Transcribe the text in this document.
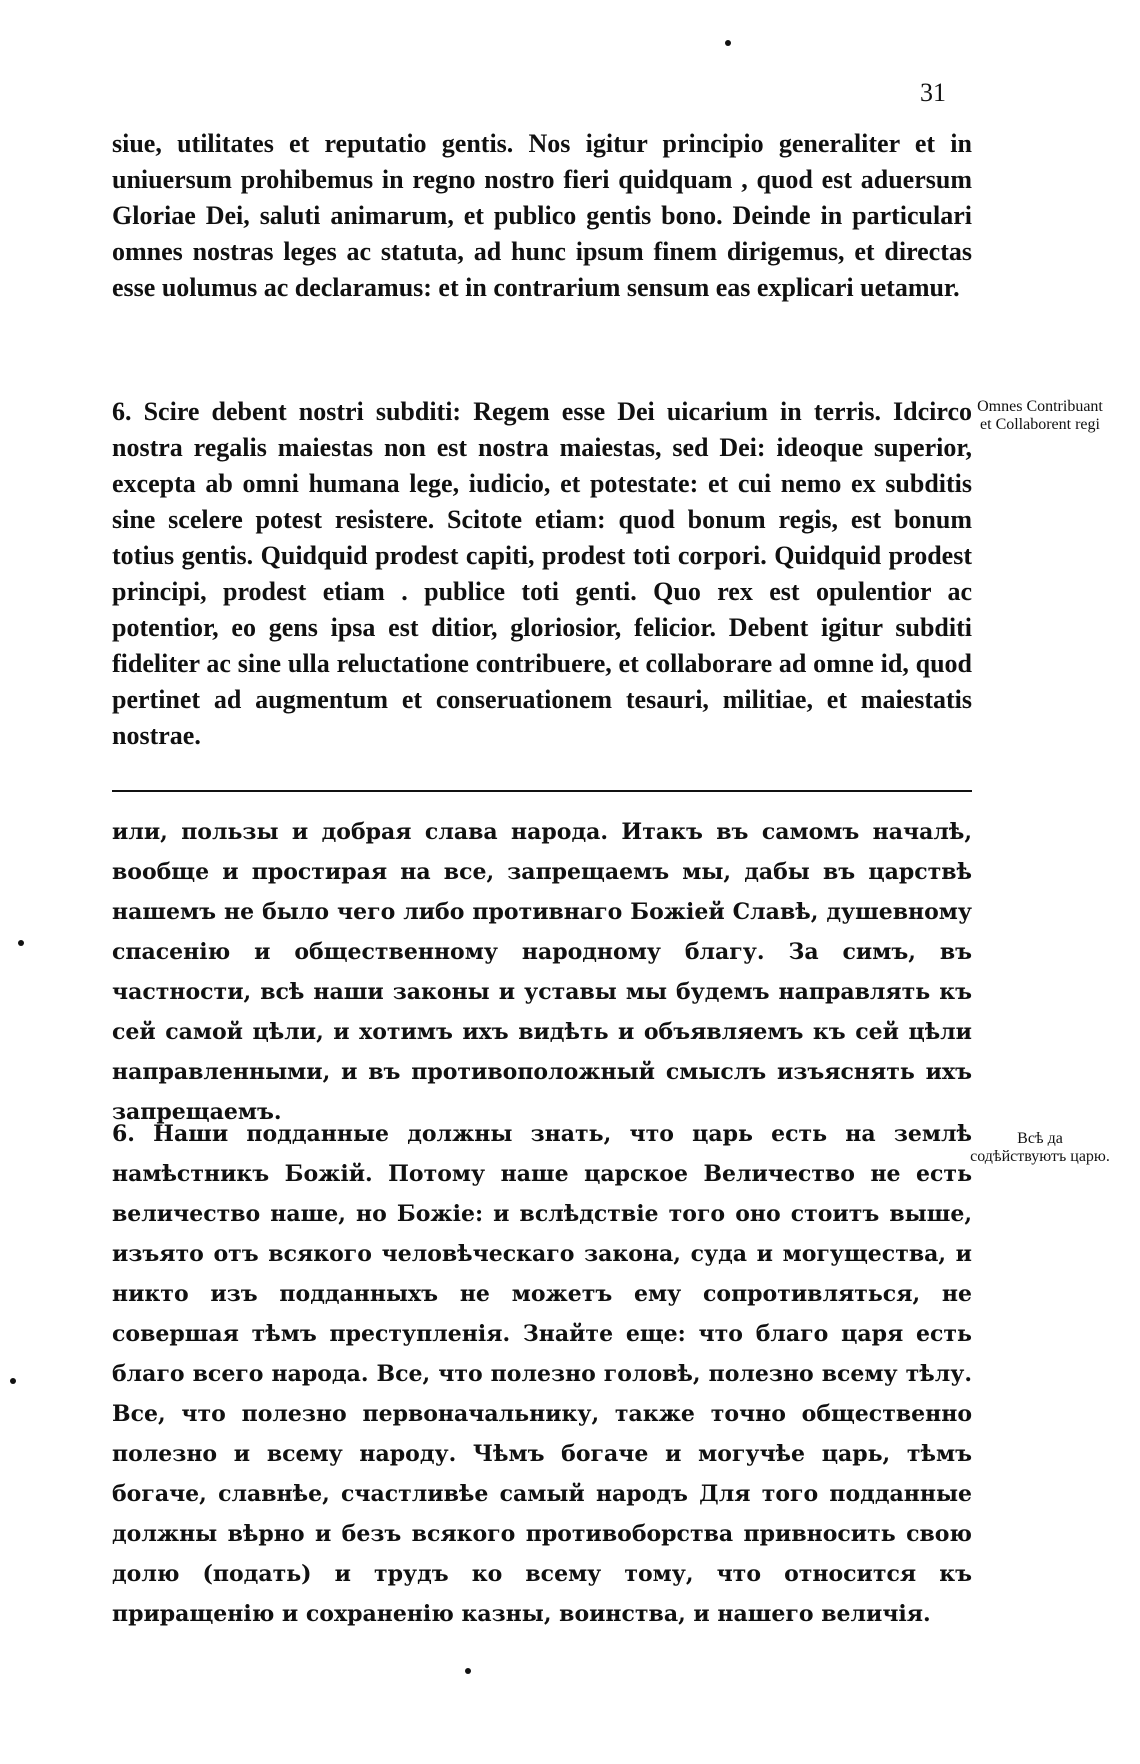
31
siue, utilitates et reputatio gentis. Nos igitur principio generaliter et in uniuersum prohibemus in regno nostro fieri quidquam , quod est aduersum Gloriae Dei, saluti animarum, et publico gentis bono. Deinde in particulari omnes nostras leges ac statuta, ad hunc ipsum finem dirigemus, et directas esse uolumus ac declaramus: et in contrarium sensum eas explicari uetamur.
6. Scire debent nostri subditi: Regem esse Dei uicarium in terris. Idcirco nostra regalis maiestas non est nostra maiestas, sed Dei: ideoque superior, excepta ab omni humana lege, iudicio, et potestate: et cui nemo ex subditis sine scelere potest resistere. Scitote etiam: quod bonum regis, est bonum totius gentis. Quidquid prodest capiti, prodest toti corpori. Quidquid prodest principi, prodest etiam . publice toti genti. Quo rex est opulentior ac potentior, eo gens ipsa est ditior, gloriosior, felicior. Debent igitur subditi fideliter ac sine ulla reluctatione contribuere, et collaborare ad omne id, quod pertinet ad augmentum et conseruationem tesauri, militiae, et maiestatis nostrae.
Omnes Contribuant et Collaborent regi
или, пользы и добрая слава народа. Итакъ въ самомъ началѣ, вообще и простирая на все, запрещаемъ мы, дабы въ царствѣ нашемъ не было чего либо противнаго Божіей Славѣ, душевному спасенію и общественному народному благу. За симъ, въ частности, всѣ наши законы и уставы мы будемъ направлять къ сей самой цѣли, и хотимъ ихъ видѣть и объявляемъ къ сей цѣли направленными, и въ противоположный смыслъ изъяснять ихъ запрещаемъ.
6. Наши подданные должны знать, что царь есть на землѣ намѣстникъ Божій. Потому наше царское Величество не есть величество наше, но Божіе: и вслѣдствіе того оно стоитъ выше, изъято отъ всякого человѣческаго закона, суда и могущества, и никто изъ подданныхъ не можетъ ему сопротивляться, не совершая тѣмъ преступленія. Знайте еще: что благо царя есть благо всего народа. Все, что полезно головѣ, полезно всему тѣлу. Все, что полезно первоначальнику, также точно общественно полезно и всему народу. Чѣмъ богаче и могучѣе царь, тѣмъ богаче, славнѣе, счастливѣе самый народъ Для того подданные должны вѣрно и безъ всякого противоборства привносить свою долю (подать) и трудъ ко всему тому, что относится къ приращенію и сохраненію казны, воинства, и нашего величія.
Всѣ да содѣйствуютъ царю.
